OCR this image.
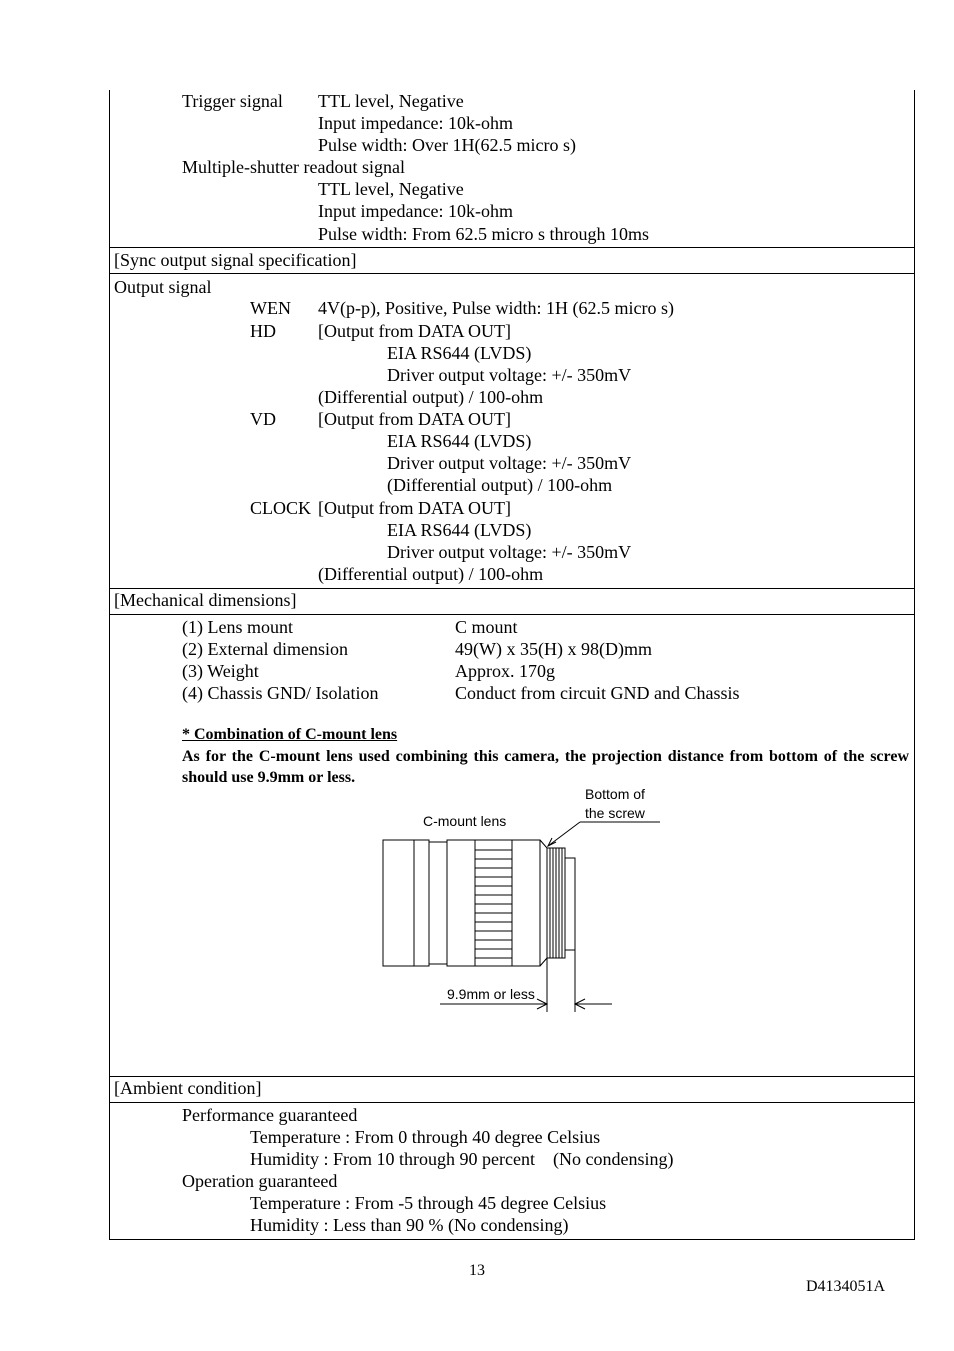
Trigger signal TTL level, Negative
Input impedance: 10k-ohm
Pulse width: Over 1H(62.5 micro s)
Multiple-shutter readout signal
TTL level, Negative
Input impedance: 10k-ohm
Pulse width: From 62.5 micro s through 10ms
[Sync output signal specification]
Output signal
WEN 4V(p-p), Positive, Pulse width: 1H (62.5 micro s)
HD [Output from DATA OUT]
EIA RS644 (LVDS)
Driver output voltage: +/- 350mV
(Differential output) / 100-ohm
VD [Output from DATA OUT]
EIA RS644 (LVDS)
Driver output voltage: +/- 350mV
(Differential output) / 100-ohm
CLOCK [Output from DATA OUT]
EIA RS644 (LVDS)
Driver output voltage: +/- 350mV
(Differential output) / 100-ohm
[Mechanical dimensions]
(1) Lens mount	C mount
(2) External dimension	49(W) x 35(H) x 98(D)mm
(3) Weight	Approx. 170g
(4) Chassis GND/ Isolation	Conduct from circuit GND and Chassis
* Combination of C-mount lens
As for the C-mount lens used combining this camera, the projection distance from bottom of the screw should use 9.9mm or less.
C-mount lens
Bottom of
the screw
9.9mm or less
[Ambient condition]
Performance guaranteed
Temperature : From 0 through 40 degree Celsius
Humidity : From 10 through 90 percent    (No condensing)
Operation guaranteed
Temperature : From -5 through 45 degree Celsius
Humidity : Less than 90 % (No condensing)
13
D4134051A
